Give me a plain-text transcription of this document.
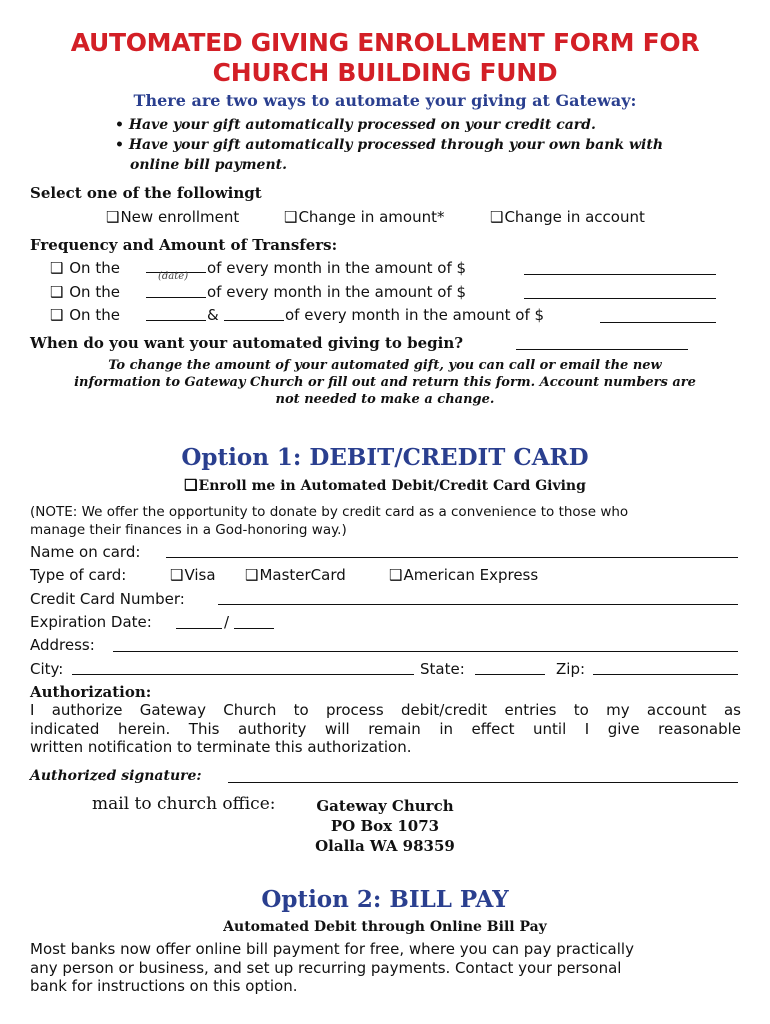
AUTOMATED GIVING ENROLLMENT FORM FOR
CHURCH BUILDING FUND
There are two ways to automate your giving at Gateway:
• Have your gift automatically processed on your credit card.
• Have your gift automatically processed through your own bank with
online bill payment.
Select one of the followingt
❑ New enrollment ❑	Change in amount* ❑	Change in account
Frequency and Amount of Transfers:
❑ On the	(date) of every month in the amount of $
❑ On the	of every month in the amount of $
❑ On the	&	of every month in the amount of $
When do you want your automated giving to begin?
To change the amount of your automated gift, you can call or email the new
information to Gateway Church or fill out and return this form. Account numbers are
not needed to make a change.
Option 1: DEBIT/CREDIT CARD
❑ Enroll me in Automated Debit/Credit Card Giving
(NOTE: We offer the opportunity to donate by credit card as a convenience to those who
manage their finances in a God-honoring way.)
Name on card:
Type of card: ❑	Visa ❑	MasterCard ❑	American Express
Credit Card Number:
Expiration Date:	/
Address:
City:	State:	Zip:
Authorization:
I authorize Gateway Church to process debit/credit entries to my account as
indicated herein. This authority will remain in effect until I give reasonable
written notification to terminate this authorization.
Authorized signature:
mail to church office:	Gateway Church
PO Box 1073
Olalla WA 98359
Option 2: BILL PAY
Automated Debit through Online Bill Pay
Most banks now offer online bill payment for free, where you can pay practically
any person or business, and set up recurring payments. Contact your personal
bank for instructions on this option.
